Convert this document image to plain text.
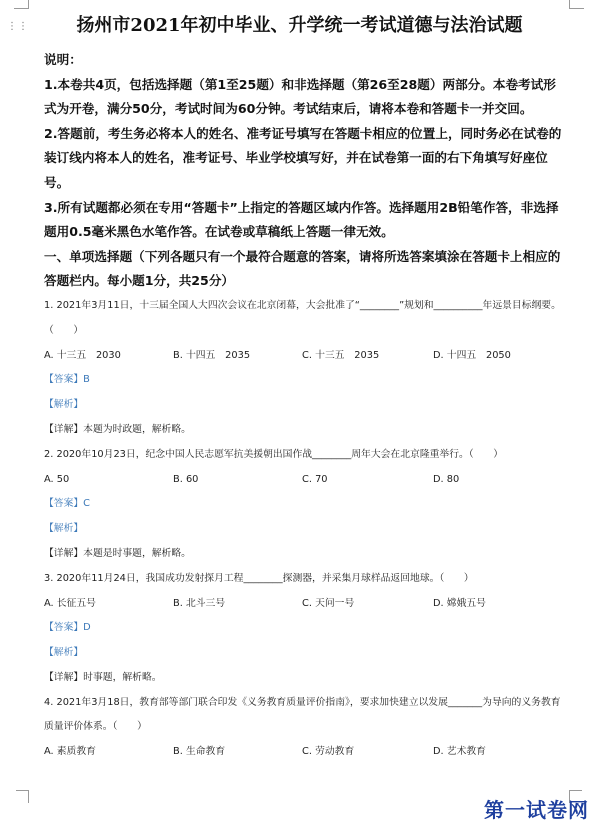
⋮⋮	扬州市2021年初中毕业、升学统一考试道德与法治试题

说明：

1.本卷共4页，包括选择题（第1至25题）和非选择题（第26至28题）两部分。本卷考试形式为开卷，满分50分，考试时间为60分钟。考试结束后，请将本卷和答题卡一并交回。

2.答题前，考生务必将本人的姓名、准考证号填写在答题卡相应的位置上，同时务必在试卷的装订线内将本人的姓名，准考证号、毕业学校填写好，并在试卷第一面的右下角填写好座位号。

3.所有试题都必须在专用“答题卡”上指定的答题区域内作答。选择题用2B铅笔作答，非选择题用0.5毫米黑色水笔作答。在试卷或草稿纸上答题一律无效。

一、单项选择题（下列各题只有一个最符合题意的答案，请将所选答案填涂在答题卡上相应的答题栏内。每小题1分，共25分）

1. 2021年3月11日，十三届全国人大四次会议在北京闭幕，大会批准了“________”规划和__________年远景目标纲要。（　　）

A. 十三五　2030	B. 十四五　2035	C. 十三五　2035	D. 十四五　2050

【答案】B

【解析】

【详解】本题为时政题，解析略。

2. 2020年10月23日，纪念中国人民志愿军抗美援朝出国作战________周年大会在北京隆重举行。（　　）

A. 50	B. 60	C. 70	D. 80

【答案】C

【解析】

【详解】本题是时事题，解析略。

3. 2020年11月24日，我国成功发射探月工程________探测器，并采集月球样品返回地球。（　　）

A. 长征五号	B. 北斗三号	C. 天问一号	D. 嫦娥五号

【答案】D

【解析】

【详解】时事题，解析略。

4. 2021年3月18日，教育部等部门联合印发《义务教育质量评价指南》，要求加快建立以发展_______为导向的义务教育质量评价体系。（　　）

A. 素质教育	B. 生命教育	C. 劳动教育	D. 艺术教育
第一试卷网
